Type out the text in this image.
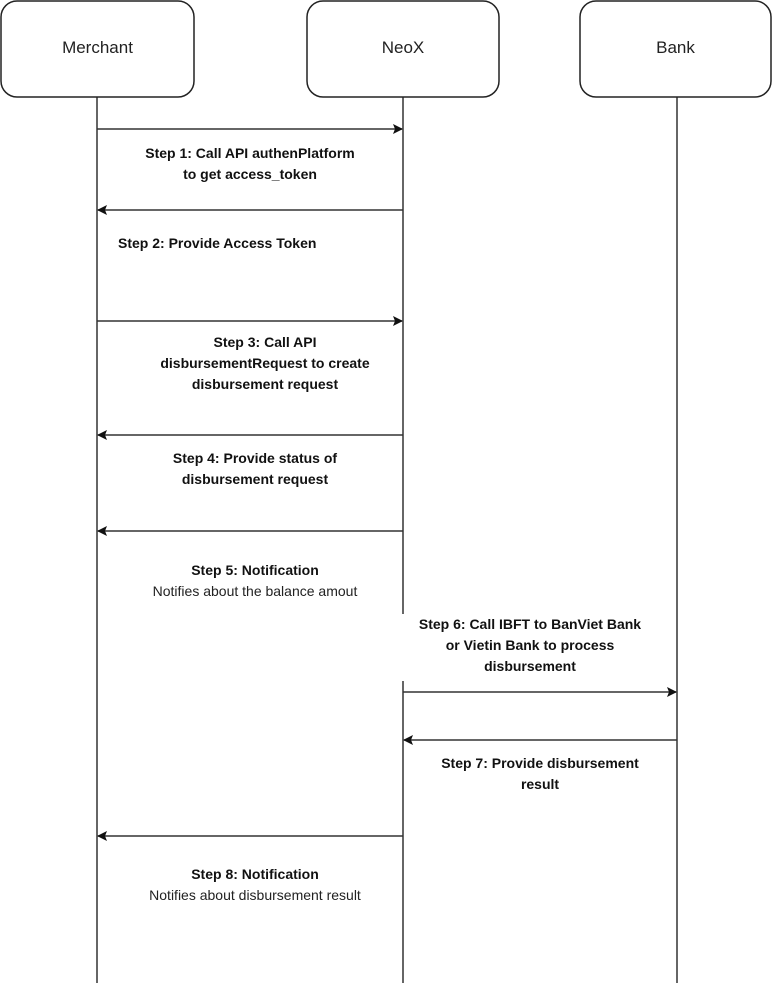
Step 1: Call API authenPlatform
to get access_token
Step 2: Provide Access Token
Step 3: Call API
disbursementRequest to create
disbursement request
Step 4: Provide status of
disbursement request
Step 5: Notification
Notifies about the balance amout
Step 6: Call IBFT to BanViet Bank
or Vietin Bank to process
disbursement
Step 7: Provide disbursement
result
Step 8: Notification
Notifies about disbursement result
Merchant	NeoX	Bank
